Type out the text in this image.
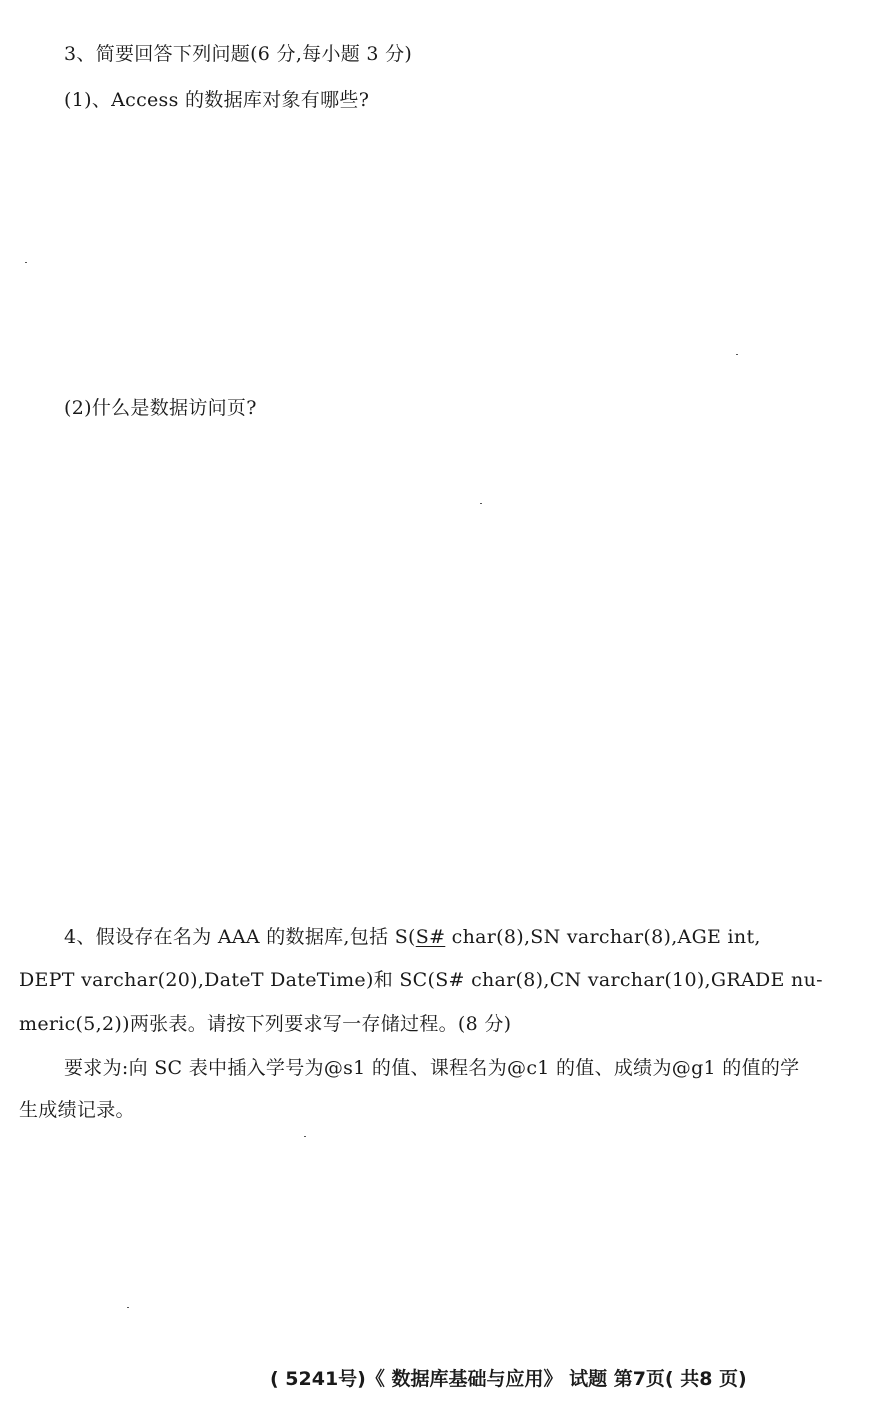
3、简要回答下列问题(6 分,每小题 3 分)
(1)、Access 的数据库对象有哪些?
(2)什么是数据访问页?
4、假设存在名为 AAA 的数据库,包括 S(S# char(8),SN varchar(8),AGE int,
DEPT varchar(20),DateT DateTime)和 SC(S# char(8),CN varchar(10),GRADE nu-
meric(5,2))两张表。请按下列要求写一存储过程。(8 分)
要求为:向 SC 表中插入学号为@s1 的值、课程名为@c1 的值、成绩为@g1 的值的学
生成绩记录。
( 5241号)《 数据库基础与应用》 试题 第7页( 共8 页)
